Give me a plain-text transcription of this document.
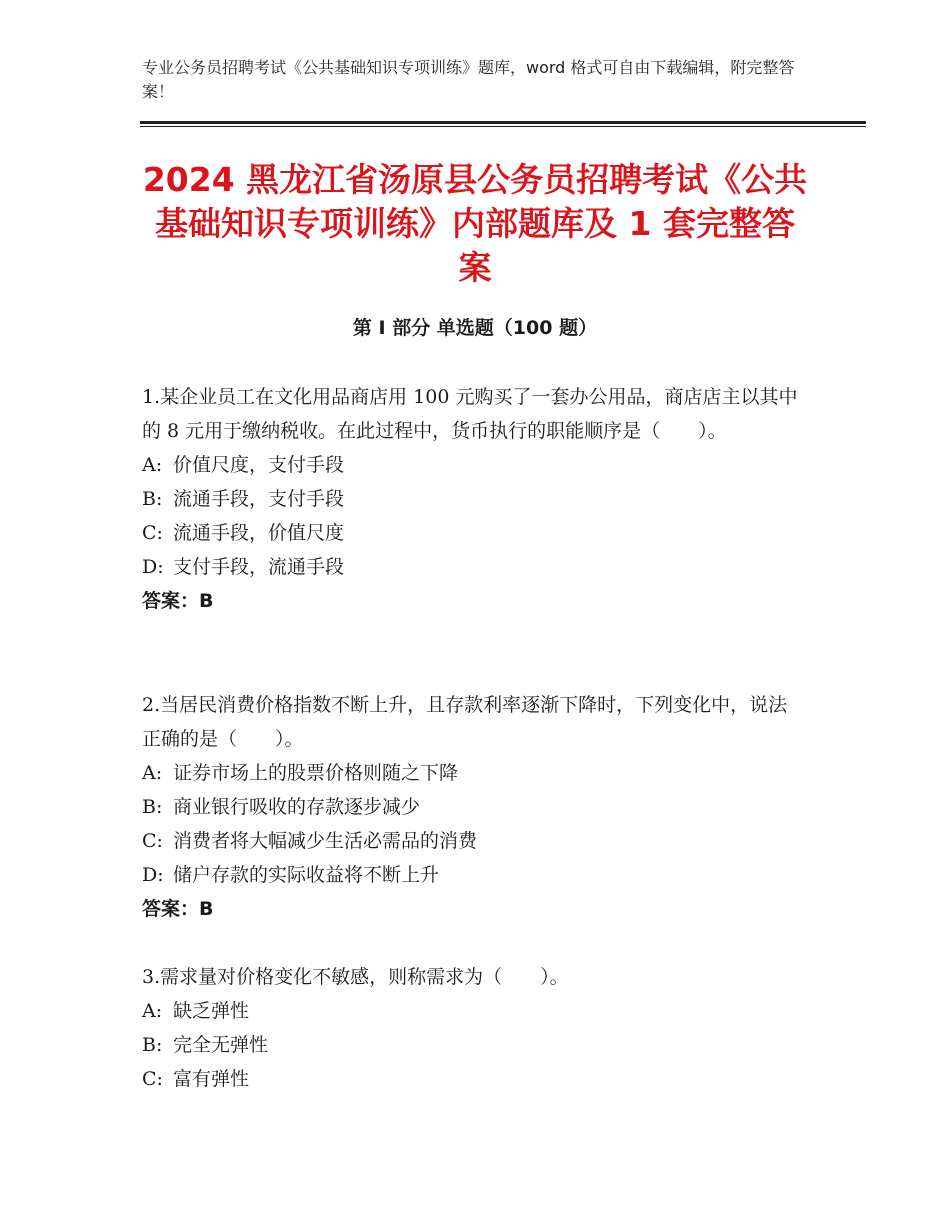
专业公务员招聘考试《公共基础知识专项训练》题库，word 格式可自由下载编辑，附完整答案！
2024 黑龙江省汤原县公务员招聘考试《公共
基础知识专项训练》内部题库及 1 套完整答
案
第 I 部分 单选题（100 题）

1.某企业员工在文化用品商店用 100 元购买了一套办公用品，商店店主以其中的 8 元用于缴纳税收。在此过程中，货币执行的职能顺序是（　　）。

A: 价值尺度，支付手段

B: 流通手段，支付手段

C: 流通手段，价值尺度

D: 支付手段，流通手段

答案：B

2.当居民消费价格指数不断上升，且存款利率逐渐下降时，下列变化中，说法正确的是（　　）。

A: 证券市场上的股票价格则随之下降

B: 商业银行吸收的存款逐步减少

C: 消费者将大幅减少生活必需品的消费

D: 储户存款的实际收益将不断上升

答案：B

3.需求量对价格变化不敏感，则称需求为（　　）。

A: 缺乏弹性

B: 完全无弹性

C: 富有弹性
